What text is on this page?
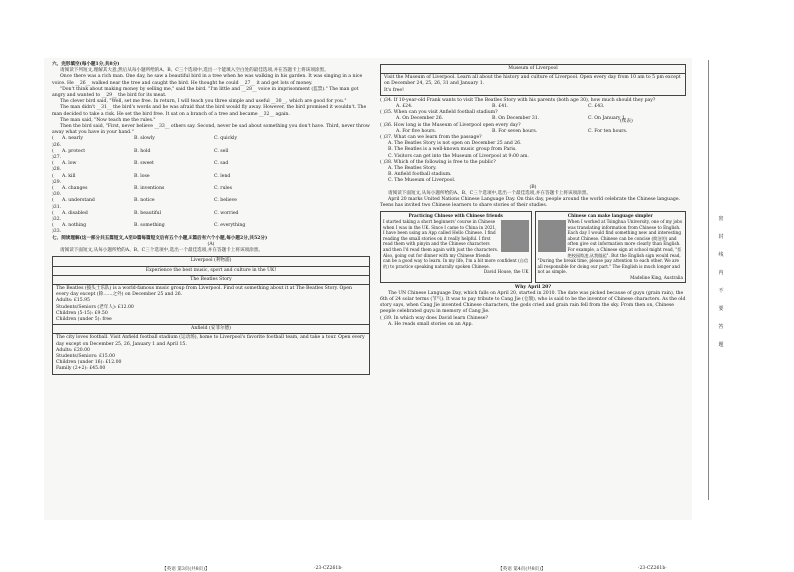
六、完形填空(每小题1分,共8分)

请阅读下列短文,理解其大意,然后从每小题所给的A、B、C三个选项中,选出一个能填入空白处的最佳选项,并在答题卡上将该项涂黑。

Once there was a rich man. One day, he saw a beautiful bird in a tree when he was walking in his garden. It was singing in a nice voice. He __26__ walked near the tree and caught the bird. He thought he could __27__ it and get lots of money.

"Don't think about making money by selling me," said the bird. "I'm little and __28__ voice in imprisonment (监禁)." The man got angry and wanted to __29__ the bird for its meat.

The clever bird said, "Well, set me free. In return, I will teach you three simple and useful __30__, which are good for you."

The man didn't __31__ the bird's words and he was afraid that the bird would fly away. However, the bird promised it wouldn't. The man decided to take a risk. He set the bird free. It sat on a branch of a tree and became __32__ again.

The man said, "Now teach me the rules."

Then the bird said, "First, never believe __33__ others say. Second, never be sad about something you don't have. Third, never throw away what you have in your hand."

( )26.
A. nearly	B. slowly	C. quickly
( )27.
A. protect	B. hold	C. sell
( )28.
A. low	B. sweet	C. sad
( )29.
A. kill	B. lose	C. lend
( )30.
A. changes	B. inventions	C. rules
( )31.
A. understand	B. notice	C. believe
( )32.
A. disabled	B. beautiful	C. worried
( )33.
A. nothing	B. something	C. everything

七、阅读理解(这一部分共五篇短文,A至D篇每篇短文后有五个小题,E篇后有六个小题,每小题2分,共52分)

(A)

请阅读下面短文,从每小题所给的A、B、C三个选项中,选出一个最佳选项,并在答题卡上将该项涂黑。

Liverpool (利物浦)
Experience the best music, sport and culture in the UK!
The Beatles Story

The Beatles (披头士乐队) is a world-famous music group from Liverpool. Find out something about it at The Beatles Story. Open every day except (除……之外) on December 25 and 26.

Adults: £15.95

Students/Seniors (老年人): £12.00

Children (5-15): £9.50

Children (under 5): free

Anfield (安菲尔德)

The city loves football. Visit Anfield football stadium (运动场), home to Liverpool's favorite football team, and take a tour. Open every day except on December 25, 26, January 1 and April 15.

Adults: £20.00

Students/Seniors: £15.00

Children (under 16): £12.00

Family (2+2): £45.00

Museum of Liverpool

Visit the Museum of Liverpool. Learn all about the history and culture of Liverpool. Open every day from 10 am to 5 pm except on December 24, 25, 26, 31 and January 1.

It's free!

( )34. If 10-year-old Frank wants to visit The Beatles Story with his parents (both age 30), how much should they pay?

A. £24.	B. £41.	C. £43.

( )35. When can you visit Anfield football stadium?

A. On December 26.	B. On December 31.	C. On January 1.

( )36. How long is the Museum of Liverpool open every day?

A. For five hours.	B. For seven hours.	C. For ten hours.

( )37. What can we learn from the passage?

A. The Beatles Story is not open on December 25 and 26.

B. The Beatles is a well-known music group from Paris.

C. Visitors can get into the Museum of Liverpool at 9:00 am.

( )38. Which of the following is free to the public?

A. The Beatles Story.

B. Anfield football stadium.

C. The Museum of Liverpool.

(B)

请阅读下面短文,从每小题所给的A、B、C三个选项中,选出一个最佳选项,并在答题卡上将该项涂黑。

April 20 marks United Nations Chinese Language Day. On this day, people around the world celebrate the Chinese language. Teens has invited two Chinese learners to share stories of their studies.

Practicing Chinese with Chinese friends
I started taking a short beginners' course in Chinese when I was in the UK. Since I came to China in 2021, I have been using an App called Hello Chinese. I find reading the small stories on it really helpful. I first read them with pinyin and the Chinese characters and then I'd read them again with just the characters. Also, going out for dinner with my Chinese friends can be a good way to learn. In my life, I'm a bit more confident (自信的) to practice speaking naturally spoken Chinese.
David House, the UK
Chinese can make language simpler
When I worked at Tsinghua University, one of my jobs was translating information from Chinese to English. Each day I would find something new and interesting about Chinese. Chinese can be concise (简洁的) and often give out information more clearly than English. For example, a Chinese sign at school might read, "拒绝校园欺凌,从我做起". But the English sign would read, "During the break time, please pay attention to each other. We are all responsible for doing our part." The English is much longer and not as simple.
Madeline King, Australia

Why April 20?

The UN Chinese Language Day, which falls on April 20, started in 2010. The date was picked because of guyu (grain rain), the 6th of 24 solar terms (节气). It was to pay tribute to Cang Jie (仓颉), who is said to be the inventor of Chinese characters. As the old story says, when Cang Jie invented Chinese characters, the gods cried and grain rain fell from the sky. From then on, Chinese people celebrated guyu in memory of Cang Jie.

( )39. In which way does David learn Chinese?

A. He reads small stories on an App.

(续表)
【英语 第3页(共8页)】	·23-CZ261b·	【英语 第4页(共8页)】	·23-CZ261b·
密
封
线
内
不
要
答
题
